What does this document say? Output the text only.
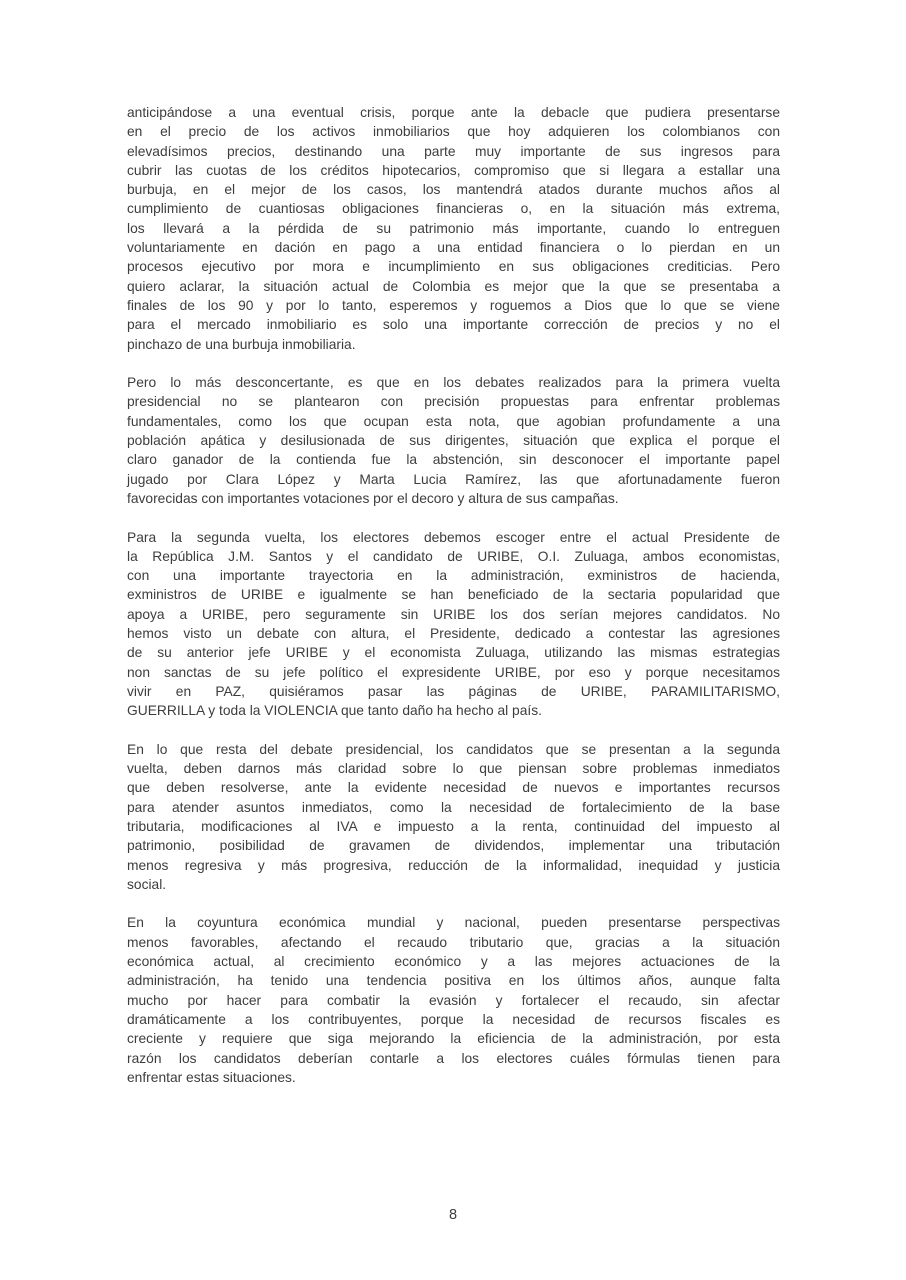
anticipándose a una eventual crisis, porque ante la debacle que pudiera presentarse
en el precio de los activos inmobiliarios que hoy adquieren los colombianos con
elevadísimos precios, destinando una parte muy importante de sus ingresos para
cubrir las cuotas de los créditos hipotecarios, compromiso que si llegara a estallar una
burbuja, en el mejor de los casos, los mantendrá atados durante muchos años al
cumplimiento de cuantiosas obligaciones financieras o, en la situación más extrema,
los llevará a la pérdida de su patrimonio más importante, cuando lo entreguen
voluntariamente en dación en pago a una entidad financiera o lo pierdan en un
procesos ejecutivo por mora e incumplimiento en sus obligaciones crediticias. Pero
quiero aclarar, la situación actual de Colombia es mejor que la que se presentaba a
finales de los 90 y por lo tanto, esperemos y roguemos a Dios que lo que se viene
para el mercado inmobiliario es solo una importante corrección de precios y no el
pinchazo de una burbuja inmobiliaria.

Pero lo más desconcertante, es que en los debates realizados para la primera vuelta
presidencial no se plantearon con precisión propuestas para enfrentar problemas
fundamentales, como los que ocupan esta nota, que agobian profundamente a una
población apática y desilusionada de sus dirigentes, situación que explica el porque el
claro ganador de la contienda fue la abstención, sin desconocer el importante papel
jugado por Clara López y Marta Lucia Ramírez, las que afortunadamente fueron
favorecidas con importantes votaciones por el decoro y altura de sus campañas.

Para la segunda vuelta, los electores debemos escoger entre el actual Presidente de
la República J.M. Santos y el candidato de URIBE, O.I. Zuluaga, ambos economistas,
con una importante trayectoria en la administración, exministros de hacienda,
exministros de URIBE e igualmente se han beneficiado de la sectaria popularidad que
apoya a URIBE, pero seguramente sin URIBE los dos serían mejores candidatos. No
hemos visto un debate con altura, el Presidente, dedicado a contestar las agresiones
de su anterior jefe URIBE y el economista Zuluaga, utilizando las mismas estrategias
non sanctas de su jefe político el expresidente URIBE, por eso y porque necesitamos
vivir en PAZ, quisiéramos pasar las páginas de URIBE, PARAMILITARISMO,
GUERRILLA y toda la VIOLENCIA que tanto daño ha hecho al país.

En lo que resta del debate presidencial, los candidatos que se presentan a la segunda
vuelta, deben darnos más claridad sobre lo que piensan sobre problemas inmediatos
que deben resolverse, ante la evidente necesidad de nuevos e importantes recursos
para atender asuntos inmediatos, como la necesidad de fortalecimiento de la base
tributaria, modificaciones al IVA e impuesto a la renta, continuidad del impuesto al
patrimonio, posibilidad de gravamen de dividendos, implementar una tributación
menos regresiva y más progresiva, reducción de la informalidad, inequidad y justicia
social.

En la coyuntura económica mundial y nacional, pueden presentarse perspectivas
menos favorables, afectando el recaudo tributario que, gracias a la situación
económica actual, al crecimiento económico y a las mejores actuaciones de la
administración, ha tenido una tendencia positiva en los últimos años, aunque falta
mucho por hacer para combatir la evasión y fortalecer el recaudo, sin afectar
dramáticamente a los contribuyentes, porque la necesidad de recursos fiscales es
creciente y requiere que siga mejorando la eficiencia de la administración, por esta
razón los candidatos deberían contarle a los electores cuáles fórmulas tienen para
enfrentar estas situaciones.

8
